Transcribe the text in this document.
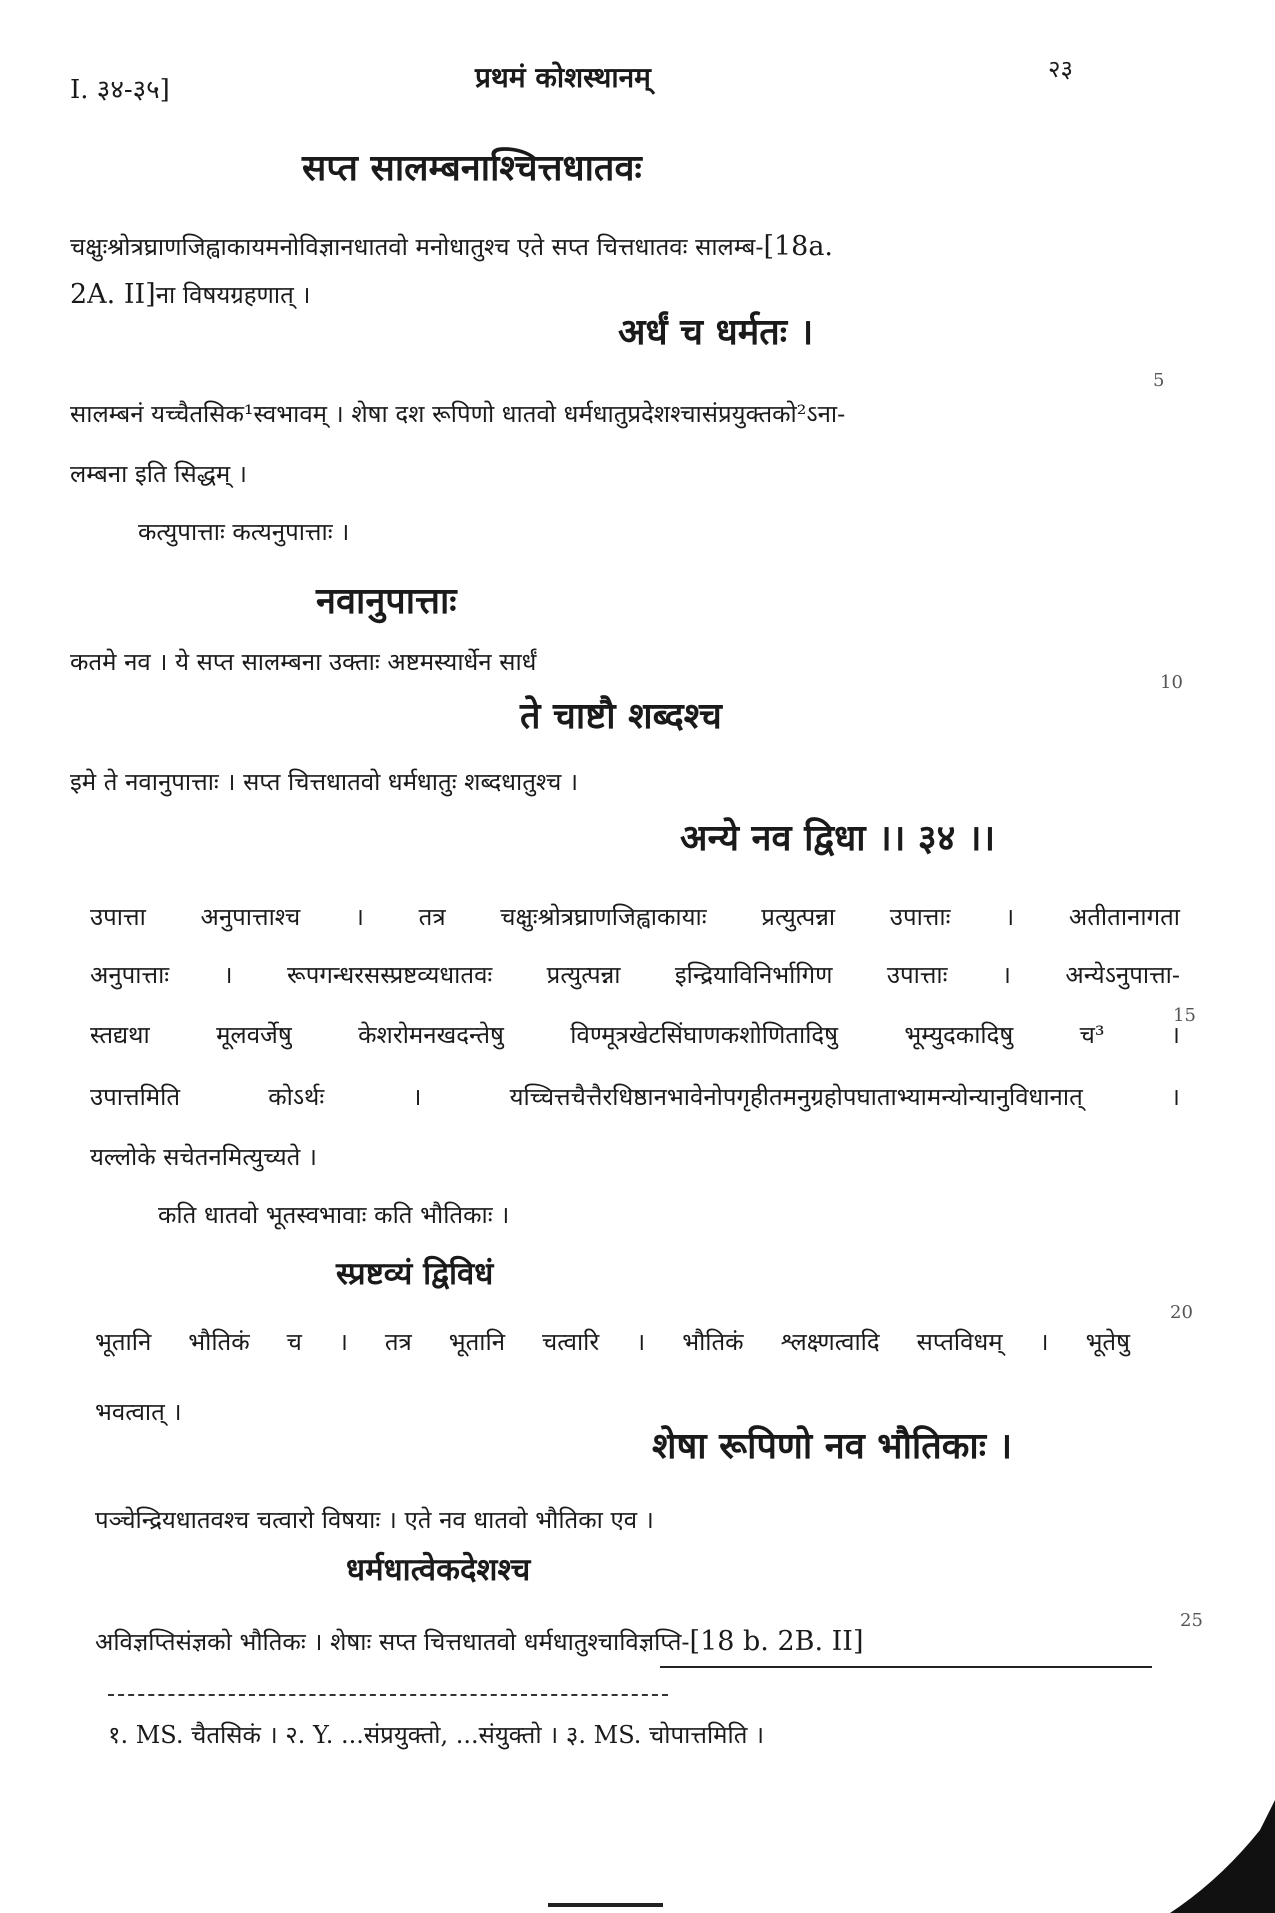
I. ३४-३५]	प्रथमं कोशस्थानम्	२३
सप्त सालम्बनाश्चित्तधातवः
चक्षुःश्रोत्रघ्राणजिह्वाकायमनोविज्ञानधातवो मनोधातुश्च एते सप्त चित्तधातवः सालम्ब-[18a.
2A. II]ना विषयग्रहणात् ।
अर्धं च धर्मतः ।
सालम्बनं यच्चैतसिक¹स्वभावम् । शेषा दश रूपिणो धातवो धर्मधातुप्रदेशश्चासंप्रयुक्तको²ऽना-
5
लम्बना इति सिद्धम् ।
कत्युपात्ताः कत्यनुपात्ताः ।
नवानुपात्ताः
कतमे नव । ये सप्त सालम्बना उक्ताः अष्टमस्यार्धेन सार्धं
10
ते चाष्टौ शब्दश्च
इमे ते नवानुपात्ताः । सप्त चित्तधातवो धर्मधातुः शब्दधातुश्च ।
अन्ये नव द्विधा ।। ३४ ।।
उपात्ता अनुपात्ताश्च । तत्र चक्षुःश्रोत्रघ्राणजिह्वाकायाः प्रत्युत्पन्ना उपात्ताः । अतीतानागता
अनुपात्ताः । रूपगन्धरसस्प्रष्टव्यधातवः प्रत्युत्पन्ना इन्द्रियाविनिर्भागिण उपात्ताः । अन्येऽनुपात्ता-
स्तद्यथा मूलवर्जेषु केशरोमनखदन्तेषु विण्मूत्रखेटसिंघाणकशोणितादिषु भूम्युदकादिषु च³ ।
15
उपात्तमिति कोऽर्थः । यच्चित्तचैत्तैरधिष्ठानभावेनोपगृहीतमनुग्रहोपघाताभ्यामन्योन्यानुविधानात् ।
यल्लोके सचेतनमित्युच्यते ।
कति धातवो भूतस्वभावाः कति भौतिकाः ।
स्प्रष्टव्यं द्विविधं
भूतानि भौतिकं च । तत्र भूतानि चत्वारि । भौतिकं श्लक्ष्णत्वादि सप्तविधम् । भूतेषु
20
भवत्वात् ।
शेषा रूपिणो नव भौतिकाः ।
पञ्चेन्द्रियधातवश्च चत्वारो विषयाः । एते नव धातवो भौतिका एव ।
धर्मधात्वेकदेशश्च
अविज्ञप्तिसंज्ञको भौतिकः । शेषाः सप्त चित्तधातवो धर्मधातुश्चाविज्ञप्ति-[18 b. 2B. II]
25
१. MS. चैतसिकं । २. Y. ...संप्रयुक्तो, ...संयुक्तो । ३. MS. चोपात्तमिति ।
